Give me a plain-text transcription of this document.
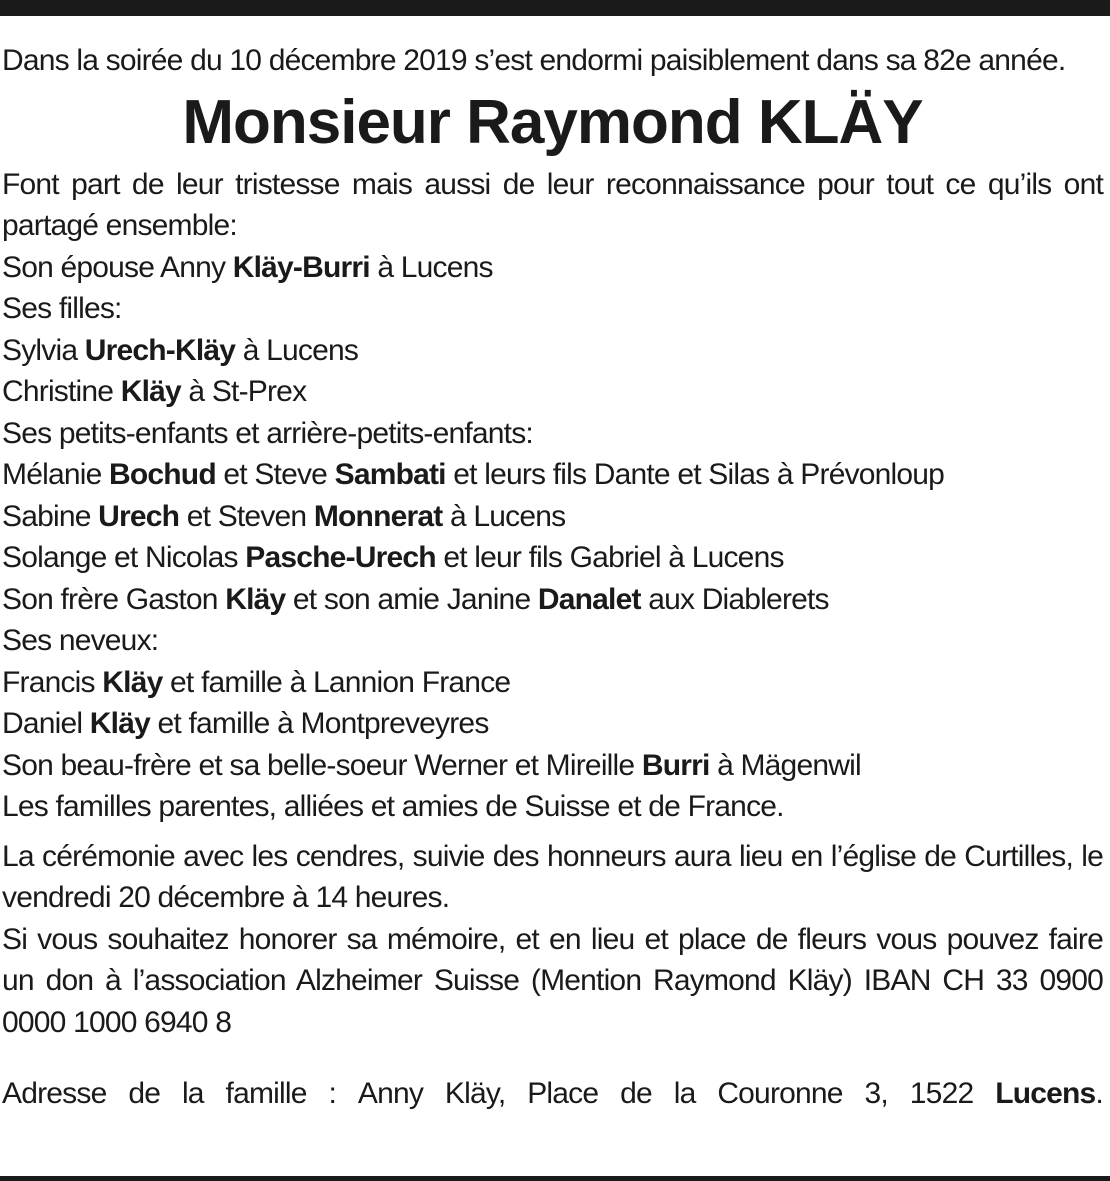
Dans la soirée du 10 décembre 2019 s’est endormi paisiblement dans sa 82e année.

Monsieur Raymond KLÄY

Font part de leur tristesse mais aussi de leur reconnaissance pour tout ce qu’ils ont partagé ensemble:

Son épouse Anny Kläy-Burri à Lucens

Ses filles:

Sylvia Urech-Kläy à Lucens

Christine Kläy à St-Prex

Ses petits-enfants et arrière-petits-enfants:

Mélanie Bochud et Steve Sambati et leurs fils Dante et Silas à Prévonloup

Sabine Urech et Steven Monnerat à Lucens

Solange et Nicolas Pasche-Urech et leur fils Gabriel à Lucens

Son frère Gaston Kläy et son amie Janine Danalet aux Diablerets

Ses neveux:

Francis Kläy et famille à Lannion France

Daniel Kläy et famille à Montpreveyres

Son beau-frère et sa belle-soeur Werner et Mireille Burri à Mägenwil

Les familles parentes, alliées et amies de Suisse et de France.

La cérémonie avec les cendres, suivie des honneurs aura lieu en l’église de Curtilles, le vendredi 20 décembre à 14 heures.

Si vous souhaitez honorer sa mémoire, et en lieu et place de fleurs vous pouvez faire un don à l’association Alzheimer Suisse (Mention Raymond Kläy) IBAN CH 33 0900 0000 1000 6940 8

Adresse de la famille : Anny Kläy, Place de la Couronne 3, 1522 Lucens.
